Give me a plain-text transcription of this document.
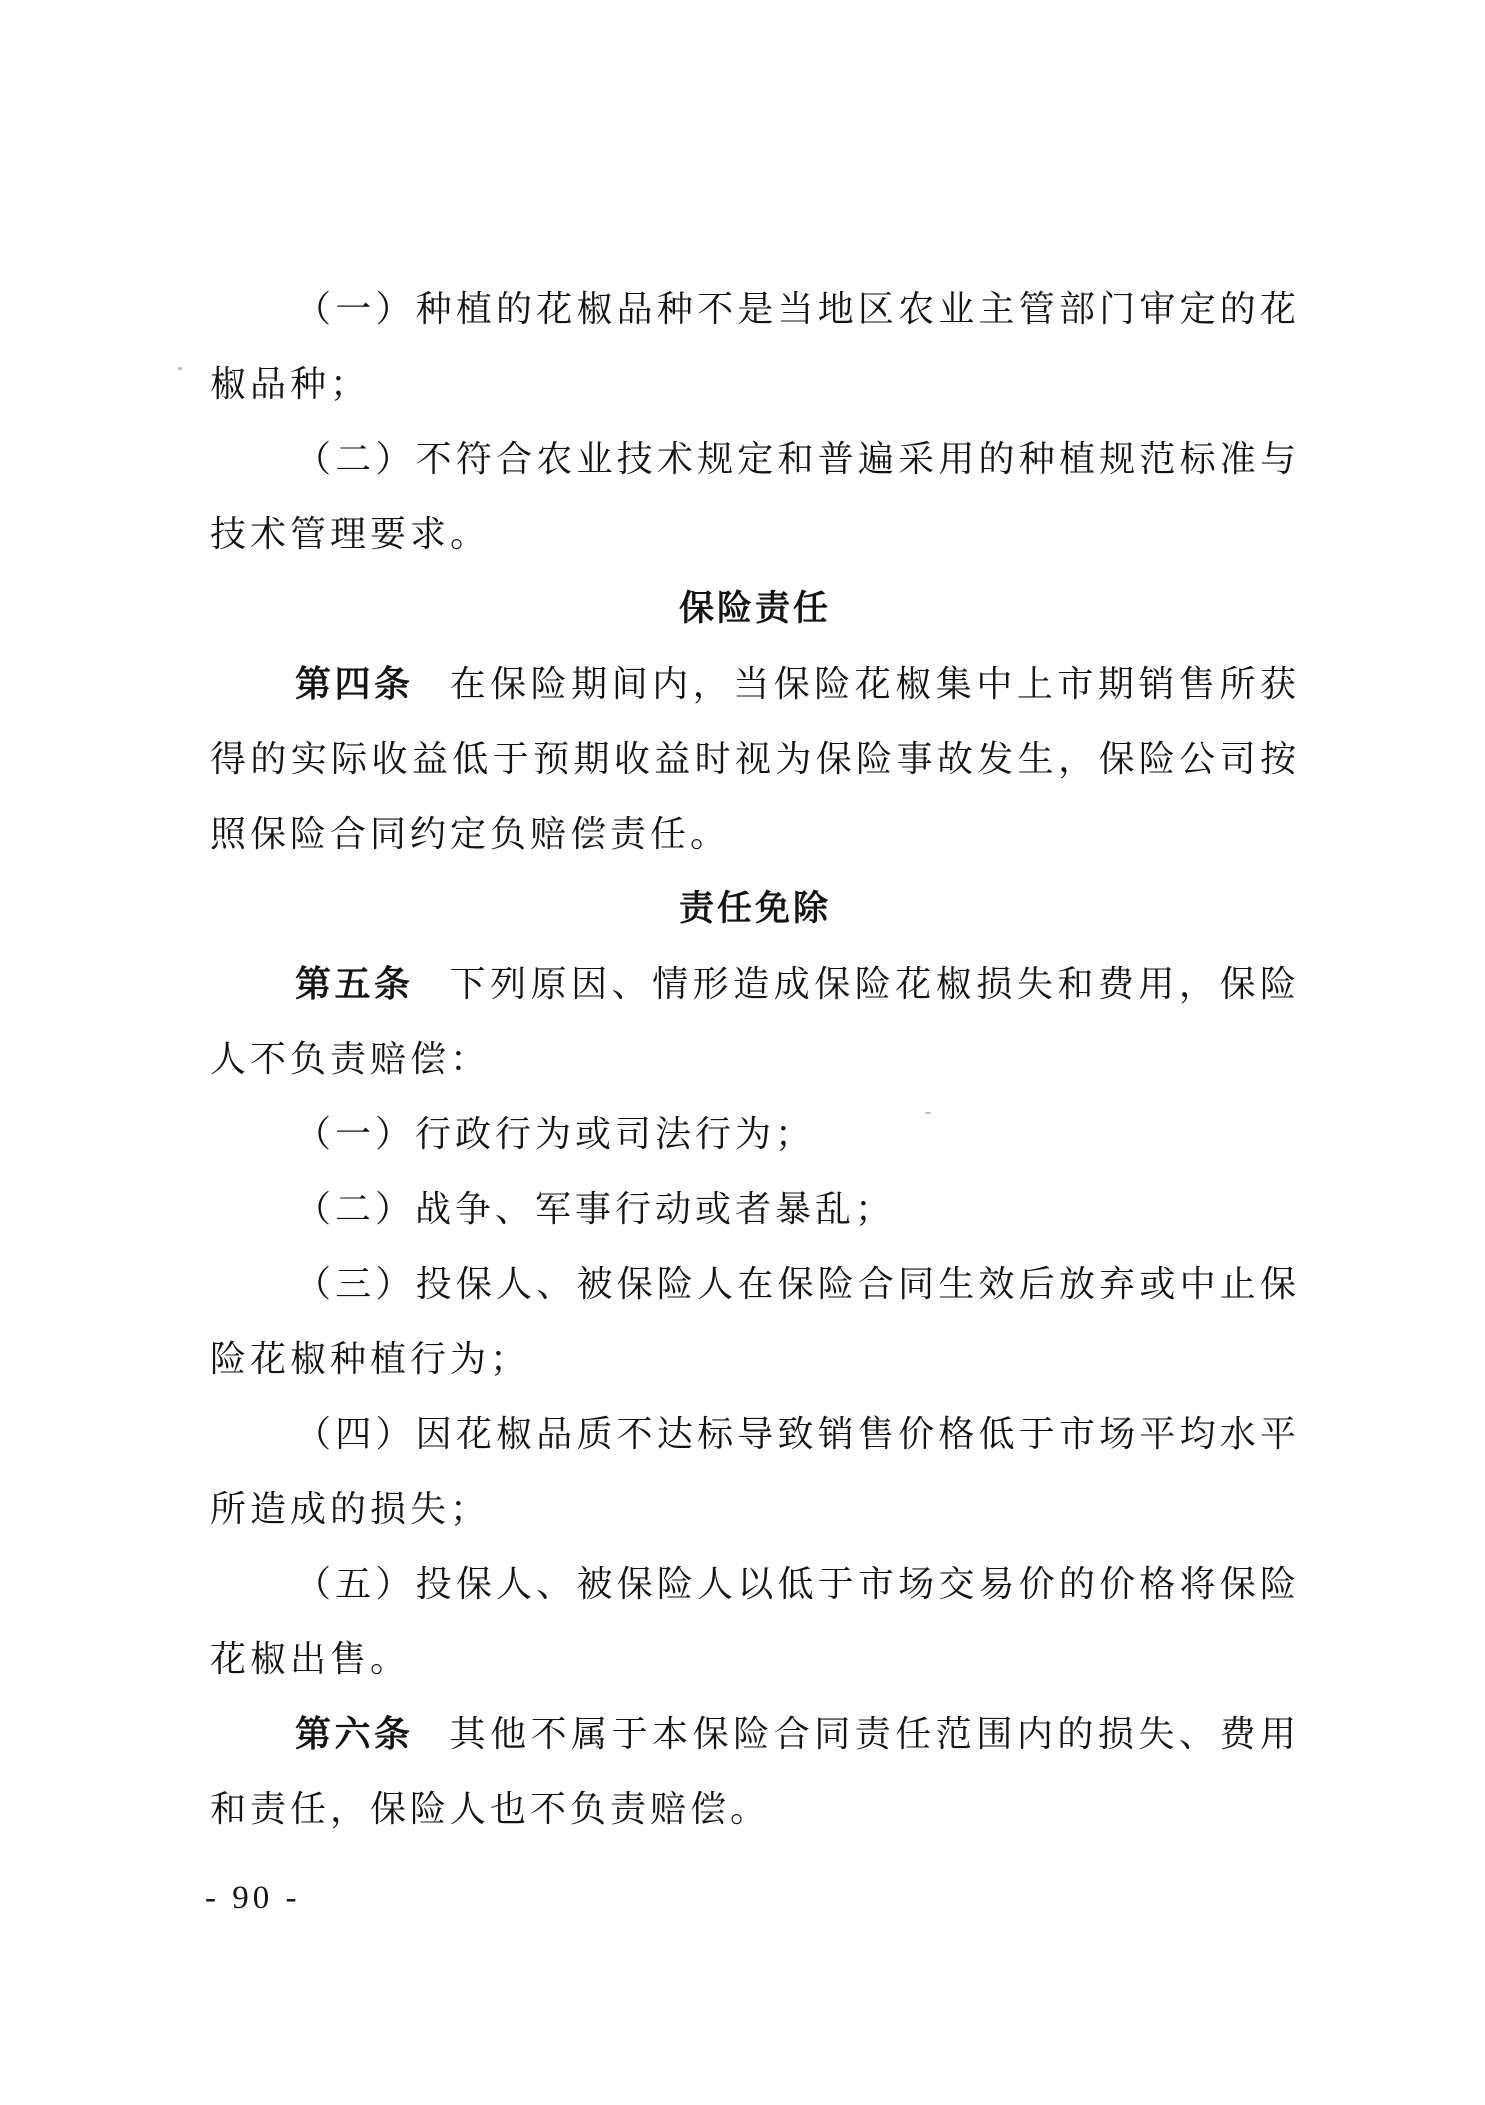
（一）种植的花椒品种不是当地区农业主管部门审定的花椒品种；

（二）不符合农业技术规定和普遍采用的种植规范标准与技术管理要求。

保险责任

第四条 在保险期间内，当保险花椒集中上市期销售所获得的实际收益低于预期收益时视为保险事故发生，保险公司按照保险合同约定负赔偿责任。

责任免除

第五条 下列原因、情形造成保险花椒损失和费用，保险人不负责赔偿：

（一）行政行为或司法行为；

（二）战争、军事行动或者暴乱；

（三）投保人、被保险人在保险合同生效后放弃或中止保险花椒种植行为；

（四）因花椒品质不达标导致销售价格低于市场平均水平所造成的损失；

（五）投保人、被保险人以低于市场交易价的价格将保险花椒出售。

第六条 其他不属于本保险合同责任范围内的损失、费用和责任，保险人也不负责赔偿。

- 90 -
